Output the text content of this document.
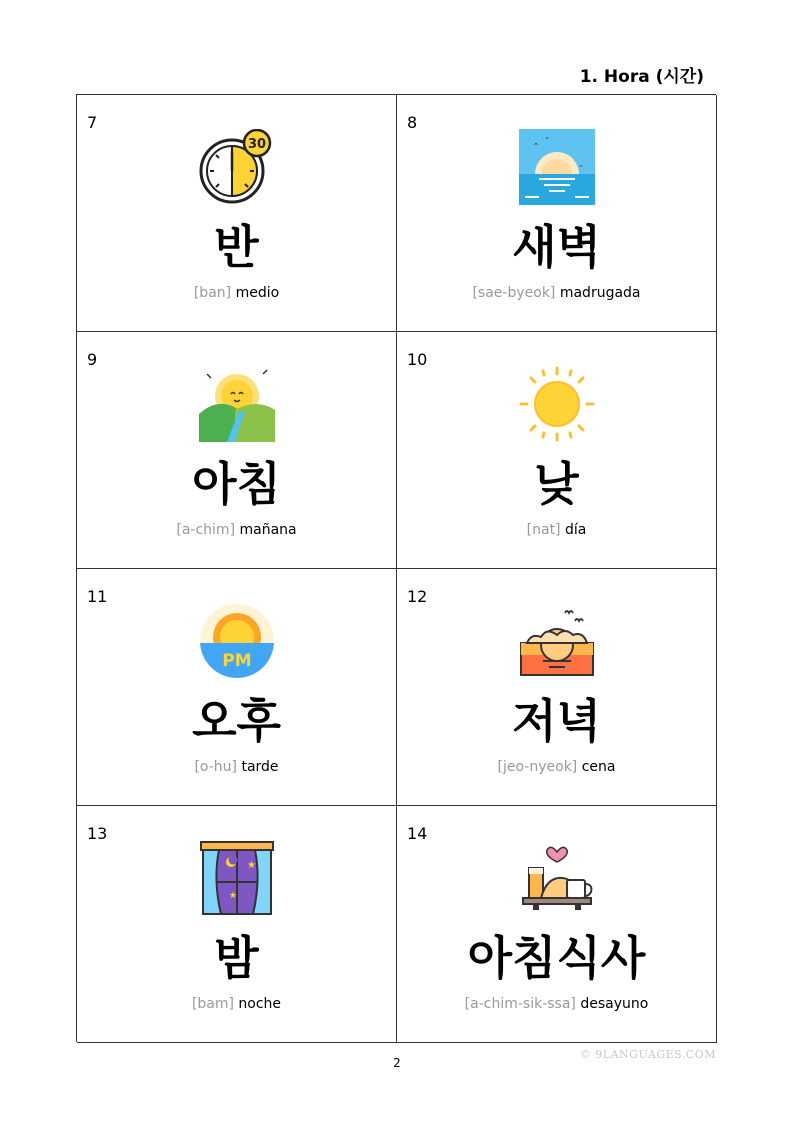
1. Hora (시간)
7
30
반
[ban] medio
8
새벽
[sae-byeok] madrugada
9
아침
[a-chim] mañana
10
낮
[nat] día
11
PM
오후
[o-hu] tarde
12
저녁
[jeo-nyeok] cena
13
★
★
밤
[bam] noche
14
아침식사
[a-chim-sik-ssa] desayuno
© 9LANGUAGES.COM
2
